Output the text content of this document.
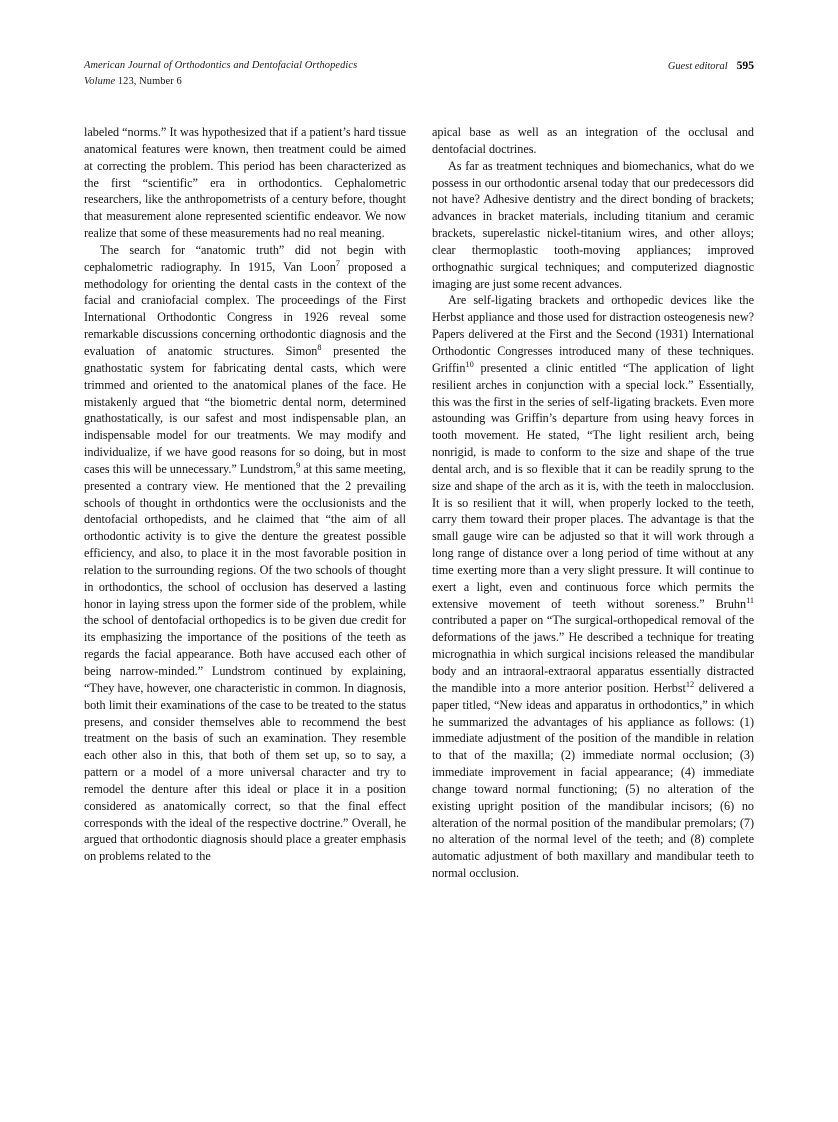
American Journal of Orthodontics and Dentofacial Orthopedics
Volume 123, Number 6
Guest editoral 595

labeled “norms.” It was hypothesized that if a patient’s hard tissue anatomical features were known, then treatment could be aimed at correcting the problem. This period has been characterized as the first “scientific” era in orthodontics. Cephalometric researchers, like the anthropometrists of a century before, thought that measurement alone represented scientific endeavor. We now realize that some of these measurements had no real meaning.

The search for “anatomic truth” did not begin with cephalometric radiography. In 1915, Van Loon$^7$ proposed a methodology for orienting the dental casts in the context of the facial and craniofacial complex. The proceedings of the First International Orthodontic Congress in 1926 reveal some remarkable discussions concerning orthodontic diagnosis and the evaluation of anatomic structures. Simon$^8$ presented the gnathostatic system for fabricating dental casts, which were trimmed and oriented to the anatomical planes of the face. He mistakenly argued that “the biometric dental norm, determined gnathostatically, is our safest and most indispensable plan, an indispensable model for our treatments. We may modify and individualize, if we have good reasons for so doing, but in most cases this will be unnecessary.” Lundstrom,$^9$ at this same meeting, presented a contrary view. He mentioned that the 2 prevailing schools of thought in orthdontics were the occlusionists and the dentofacial orthopedists, and he claimed that “the aim of all orthodontic activity is to give the denture the greatest possible efficiency, and also, to place it in the most favorable position in relation to the surrounding regions. Of the two schools of thought in orthodontics, the school of occlusion has deserved a lasting honor in laying stress upon the former side of the problem, while the school of dentofacial orthopedics is to be given due credit for its emphasizing the importance of the positions of the teeth as regards the facial appearance. Both have accused each other of being narrow-minded.” Lundstrom continued by explaining, “They have, however, one characteristic in common. In diagnosis, both limit their examinations of the case to be treated to the status presens, and consider themselves able to recommend the best treatment on the basis of such an examination. They resemble each other also in this, that both of them set up, so to say, a pattern or a model of a more universal character and try to remodel the denture after this ideal or place it in a position considered as anatomically correct, so that the final effect corresponds with the ideal of the respective doctrine.” Overall, he argued that orthodontic diagnosis should place a greater emphasis on problems related to the

apical base as well as an integration of the occlusal and dentofacial doctrines.

As far as treatment techniques and biomechanics, what do we possess in our orthodontic arsenal today that our predecessors did not have? Adhesive dentistry and the direct bonding of brackets; advances in bracket materials, including titanium and ceramic brackets, superelastic nickel-titanium wires, and other alloys; clear thermoplastic tooth-moving appliances; improved orthognathic surgical techniques; and computerized diagnostic imaging are just some recent advances.

Are self-ligating brackets and orthopedic devices like the Herbst appliance and those used for distraction osteogenesis new? Papers delivered at the First and the Second (1931) International Orthodontic Congresses introduced many of these techniques. Griffin$^{10}$ presented a clinic entitled “The application of light resilient arches in conjunction with a special lock.” Essentially, this was the first in the series of self-ligating brackets. Even more astounding was Griffin’s departure from using heavy forces in tooth movement. He stated, “The light resilient arch, being nonrigid, is made to conform to the size and shape of the true dental arch, and is so flexible that it can be readily sprung to the size and shape of the arch as it is, with the teeth in malocclusion. It is so resilient that it will, when properly locked to the teeth, carry them toward their proper places. The advantage is that the small gauge wire can be adjusted so that it will work through a long range of distance over a long period of time without at any time exerting more than a very slight pressure. It will continue to exert a light, even and continuous force which permits the extensive movement of teeth without soreness.” Bruhn$^{11}$ contributed a paper on “The surgical-orthopedical removal of the deformations of the jaws.” He described a technique for treating micrognathia in which surgical incisions released the mandibular body and an intraoral-extraoral apparatus essentially distracted the mandible into a more anterior position. Herbst$^{12}$ delivered a paper titled, “New ideas and apparatus in orthodontics,” in which he summarized the advantages of his appliance as follows: (1) immediate adjustment of the position of the mandible in relation to that of the maxilla; (2) immediate normal occlusion; (3) immediate improvement in facial appearance; (4) immediate change toward normal functioning; (5) no alteration of the existing upright position of the mandibular incisors; (6) no alteration of the normal position of the mandibular premolars; (7) no alteration of the normal level of the teeth; and (8) complete automatic adjustment of both maxillary and mandibular teeth to normal occlusion.
